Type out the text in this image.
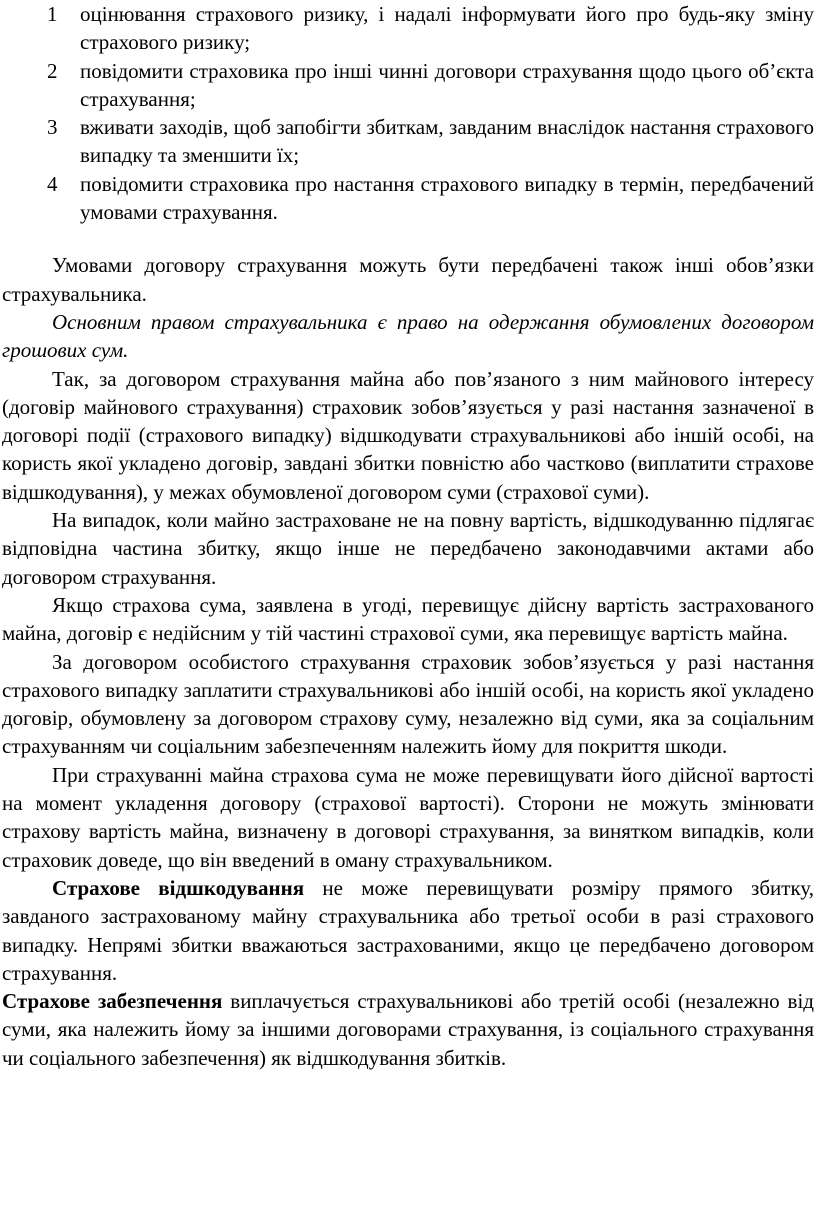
1 оцінювання страхового ризику, і надалі інформувати його про будь-яку зміну страхового ризику;
2 повідомити страховика про інші чинні договори страхування щодо цього об’єкта страхування;
3 вживати заходів, щоб запобігти збиткам, завданим внаслідок настання страхового випадку та зменшити їх;
4 повідомити страховика про настання страхового випадку в термін, передбачений умовами страхування.

Умовами договору страхування можуть бути передбачені також інші обов’язки страхувальника.

Основним правом страхувальника є право на одержання обумовлених договором грошових сум.

Так, за договором страхування майна або пов’язаного з ним майнового інтересу (договір майнового страхування) страховик зобов’язується у разі настання зазначеної в договорі події (страхового випадку) відшкодувати страхувальникові або іншій особі, на користь якої укладено договір, завдані збитки повністю або частково (виплатити страхове відшкодування), у межах обумовленої договором суми (страхової суми).

На випадок, коли майно застраховане не на повну вартість, відшкодуванню підлягає відповідна частина збитку, якщо інше не передбачено законодавчими актами або договором страхування.

Якщо страхова сума, заявлена в угоді, перевищує дійсну вартість застрахованого майна, договір є недійсним у тій частині страхової суми, яка перевищує вартість майна.

За договором особистого страхування страховик зобов’язується у разі настання страхового випадку заплатити страхувальникові або іншій особі, на користь якої укладено договір, обумовлену за договором страхову суму, незалежно від суми, яка за соціальним страхуванням чи соціальним забезпеченням належить йому для покриття шкоди.

При страхуванні майна страхова сума не може перевищувати його дійсної вартості на момент укладення договору (страхової вартості). Сторони не можуть змінювати страхову вартість майна, визначену в договорі страхування, за винятком випадків, коли страховик доведе, що він введений в оману страхувальником.

Страхове відшкодування не може перевищувати розміру прямого збитку, завданого застрахованому майну страхувальника або третьої особи в разі страхового випадку. Непрямі збитки вважаються застрахованими, якщо це передбачено договором страхування.

Страхове забезпечення виплачується страхувальникові або третій особі (незалежно від суми, яка належить йому за іншими договорами страхування, із соціального страхування чи соціального забезпечення) як відшкодування збитків.
